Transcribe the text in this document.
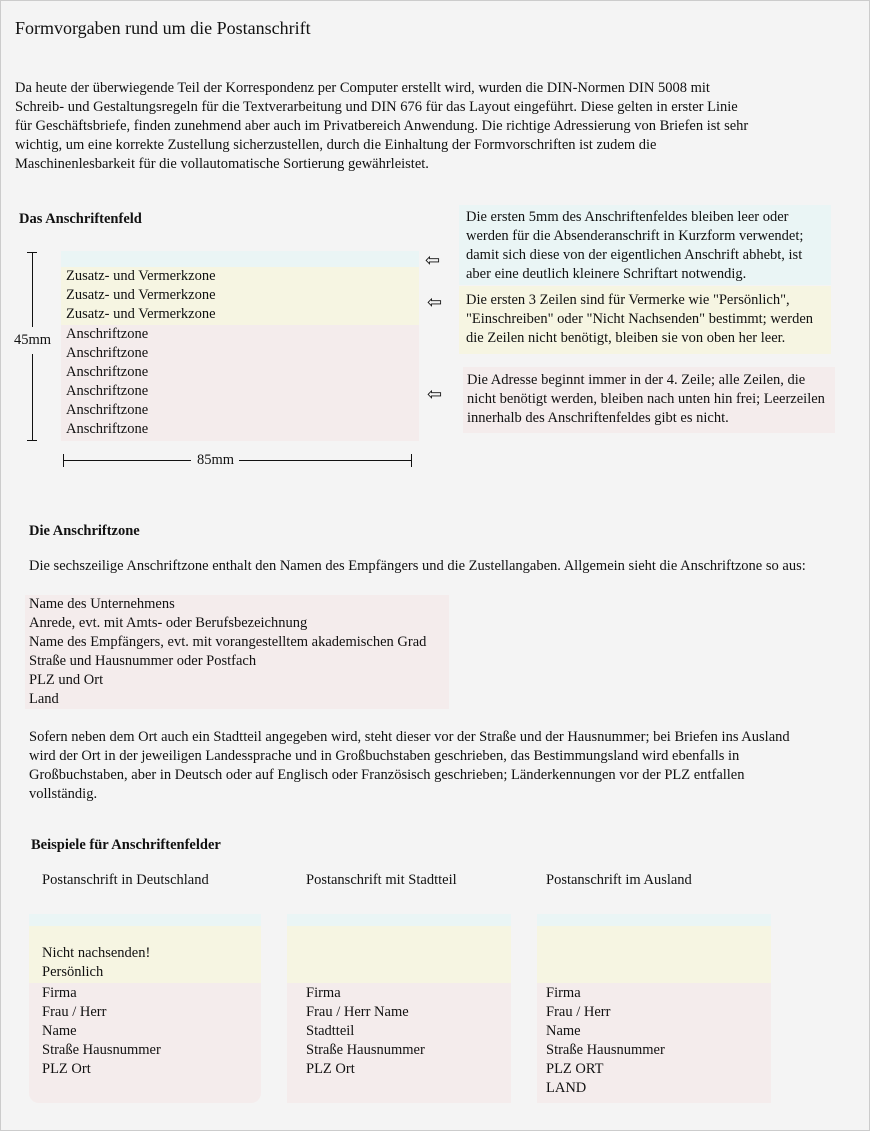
Formvorgaben rund um die Postanschrift
Da heute der überwiegende Teil der Korrespondenz per Computer erstellt wird, wurden die DIN-Normen DIN 5008 mit
Schreib- und Gestaltungsregeln für die Textverarbeitung und DIN 676 für das Layout eingeführt. Diese gelten in erster Linie
für Geschäftsbriefe, finden zunehmend aber auch im Privatbereich Anwendung. Die richtige Adressierung von Briefen ist sehr
wichtig, um eine korrekte Zustellung sicherzustellen, durch die Einhaltung der Formvorschriften ist zudem die
Maschinenlesbarkeit für die vollautomatische Sortierung gewährleistet.
Das Anschriftenfeld
Zusatz- und Vermerkzone
Zusatz- und Vermerkzone
Zusatz- und Vermerkzone
Anschriftzone
Anschriftzone
Anschriftzone
Anschriftzone
Anschriftzone
Anschriftzone
45mm
85mm
⇦
⇦
⇦
Die ersten 5mm des Anschriftenfeldes bleiben leer oder
werden für die Absenderanschrift in Kurzform verwendet;
damit sich diese von der eigentlichen Anschrift abhebt, ist
aber eine deutlich kleinere Schriftart notwendig.
Die ersten 3 Zeilen sind für Vermerke wie "Persönlich",
"Einschreiben" oder "Nicht Nachsenden" bestimmt; werden
die Zeilen nicht benötigt, bleiben sie von oben her leer.
Die Adresse beginnt immer in der 4. Zeile; alle Zeilen, die
nicht benötigt werden, bleiben nach unten hin frei; Leerzeilen
innerhalb des Anschriftenfeldes gibt es nicht.
Die Anschriftzone
Die sechszeilige Anschriftzone enthalt den Namen des Empfängers und die Zustellangaben. Allgemein sieht die Anschriftzone so aus:
Name des Unternehmens
Anrede, evt. mit Amts- oder Berufsbezeichnung
Name des Empfängers, evt. mit vorangestelltem akademischen Grad
Straße und Hausnummer oder Postfach
PLZ und Ort
Land
Sofern neben dem Ort auch ein Stadtteil angegeben wird, steht dieser vor der Straße und der Hausnummer; bei Briefen ins Ausland
wird der Ort in der jeweiligen Landessprache und in Großbuchstaben geschrieben, das Bestimmungsland wird ebenfalls in
Großbuchstaben, aber in Deutsch oder auf Englisch oder Französisch geschrieben; Länderkennungen vor der PLZ entfallen
vollständig.
Beispiele für Anschriftenfelder
Postanschrift in Deutschland
Nicht nachsenden!
Persönlich
Firma
Frau / Herr
Name
Straße Hausnummer
PLZ Ort
Postanschrift mit Stadtteil
Firma
Frau / Herr Name
Stadtteil
Straße Hausnummer
PLZ Ort
Postanschrift im Ausland
Firma
Frau / Herr
Name
Straße Hausnummer
PLZ ORT
LAND
